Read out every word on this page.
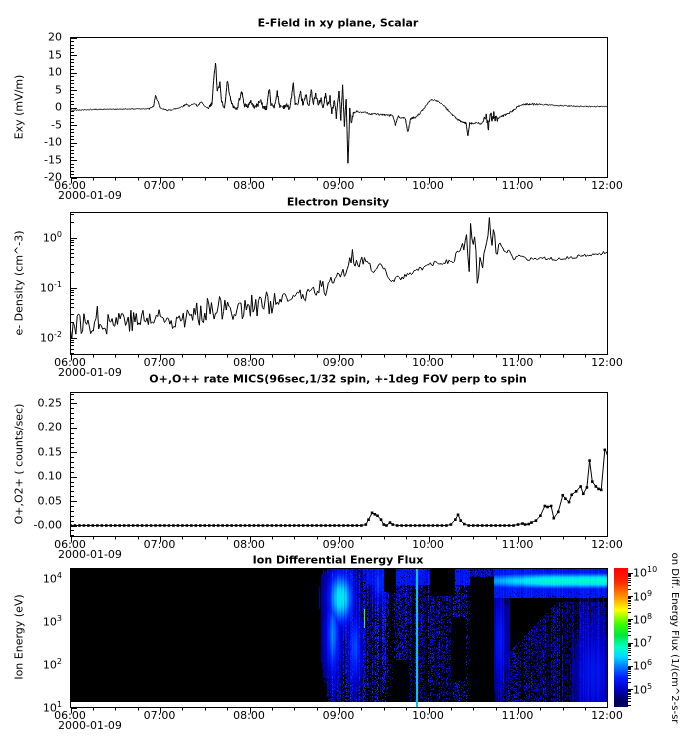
E-Field in xy plane, Scalar
Exy (mV/m)
2000-01-09	Electron Density
e- Density (cm^-3)
2000-01-09 O+,O++ rate MICS(96sec,1/32 spin, +-1deg FOV perp to spin
O+,O2+ ( counts/sec)
2000-01-09	Ion Differential Energy Flux
Ion Energy (eV)
2000-01-09
on Diff. Energy Flux (1/(cm^2-s-sr
20
15
10
5
0
-5
-10
-15
-20
$10^0$
$10^{-1}$
$10^{-2}$
0.25
0.20
0.15
0.10
0.05
-0.00
$10^4$
$10^3$
$10^2$
$10^1$
$10^{10}$
$10^9$
$10^8$
$10^7$
$10^6$
$10^5$
06:00	07:00	08:00	09:00	10:00	11:00	12:00
06:00	07:00	08:00	09:00	10:00	11:00	12:00
06:00	07:00	08:00	09:00	10:00	11:00	12:00
06:00	07:00	08:00	09:00	10:00	11:00	12:00
